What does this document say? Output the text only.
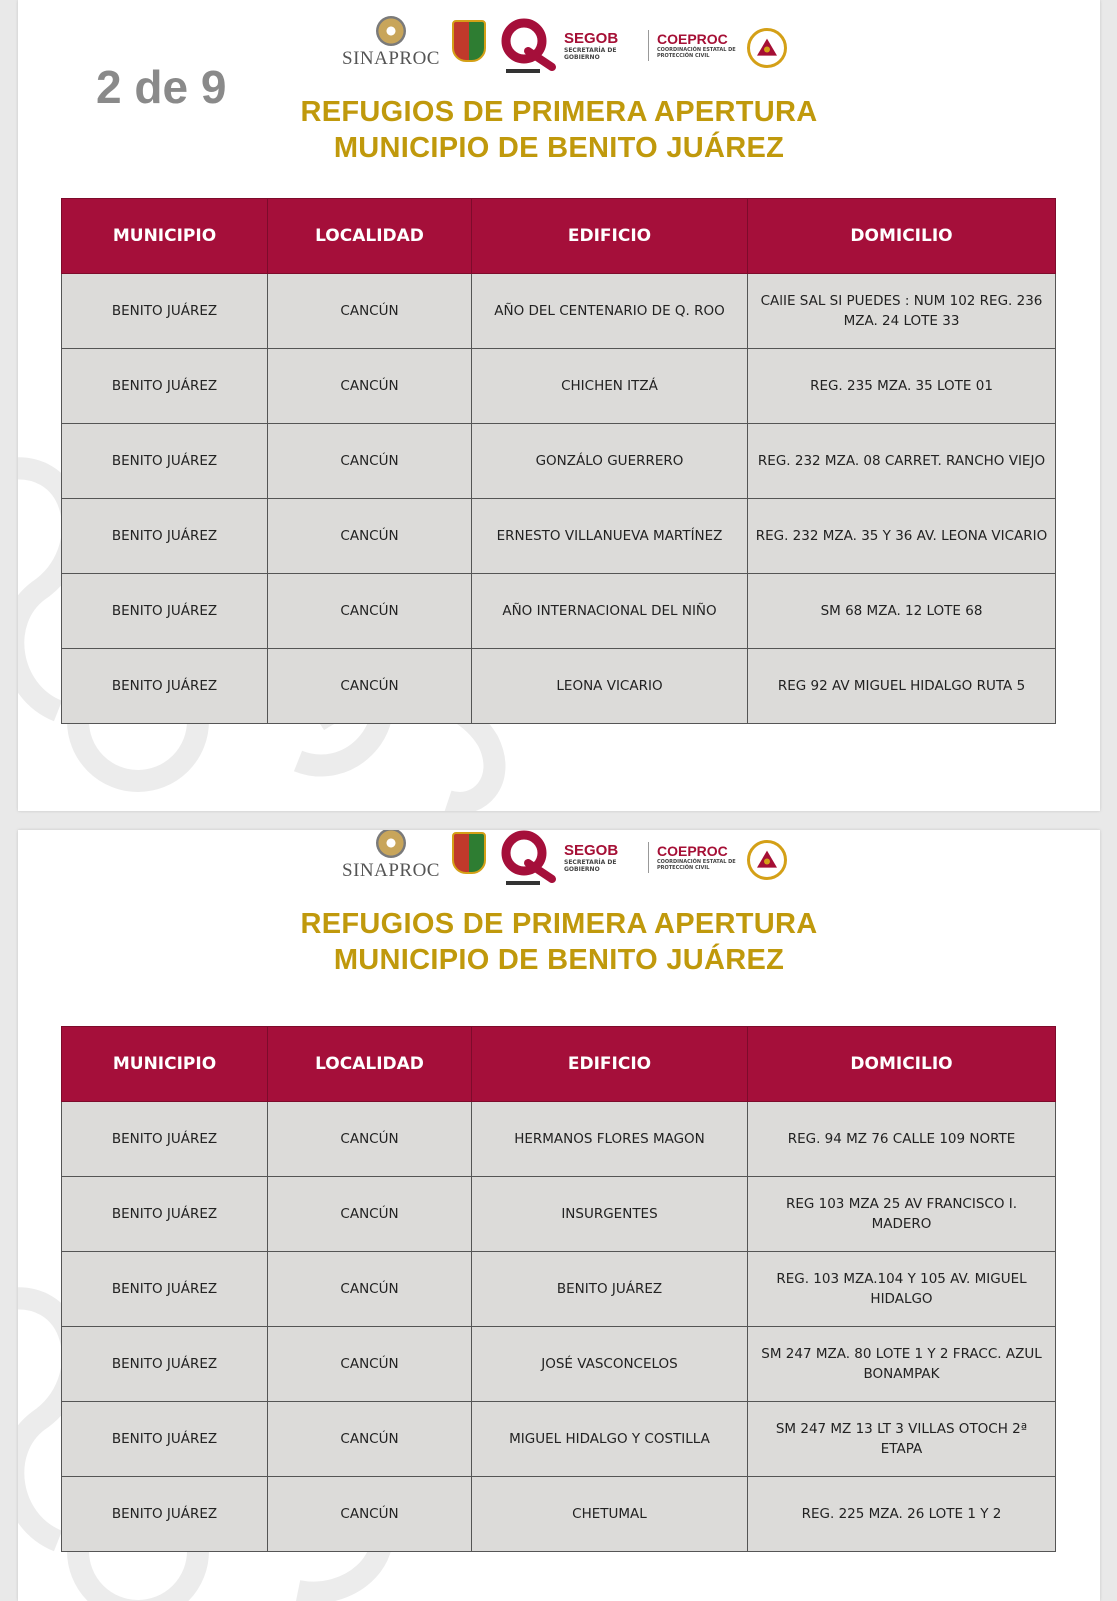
2 de 9
SINAPROC

SEGOB
SECRETARÍA DE GOBIERNO
COEPROC
COORDINACIÓN ESTATAL DE PROTECCIÓN CIVIL

REFUGIOS DE PRIMERA APERTURA
MUNICIPIO DE BENITO JUÁREZ
MUNICIPIO	LOCALIDAD	EDIFICIO	DOMICILIO
BENITO JUÁREZ	CANCÚN	AÑO DEL CENTENARIO DE Q. ROO	CAlIE SAL SI PUEDES : NUM 102 REG. 236 MZA. 24 LOTE 33
BENITO JUÁREZ	CANCÚN	CHICHEN ITZÁ	REG. 235 MZA. 35 LOTE 01
BENITO JUÁREZ	CANCÚN	GONZÁLO GUERRERO	REG. 232 MZA. 08 CARRET. RANCHO VIEJO
BENITO JUÁREZ	CANCÚN	ERNESTO VILLANUEVA MARTÍNEZ	REG. 232 MZA. 35 Y 36 AV. LEONA VICARIO
BENITO JUÁREZ	CANCÚN	AÑO INTERNACIONAL DEL NIÑO	SM 68 MZA. 12 LOTE 68
BENITO JUÁREZ	CANCÚN	LEONA VICARIO	REG 92 AV MIGUEL HIDALGO RUTA 5
SINAPROC

SEGOB
SECRETARÍA DE GOBIERNO
COEPROC
COORDINACIÓN ESTATAL DE PROTECCIÓN CIVIL

REFUGIOS DE PRIMERA APERTURA
MUNICIPIO DE BENITO JUÁREZ
MUNICIPIO	LOCALIDAD	EDIFICIO	DOMICILIO
BENITO JUÁREZ	CANCÚN	HERMANOS FLORES MAGON	REG. 94 MZ 76 CALLE 109 NORTE
BENITO JUÁREZ	CANCÚN	INSURGENTES	REG 103 MZA 25 AV FRANCISCO I. MADERO
BENITO JUÁREZ	CANCÚN	BENITO JUÁREZ	REG. 103 MZA.104 Y 105 AV. MIGUEL HIDALGO
BENITO JUÁREZ	CANCÚN	JOSÉ VASCONCELOS	SM 247 MZA. 80 LOTE 1 Y 2 FRACC. AZUL BONAMPAK
BENITO JUÁREZ	CANCÚN	MIGUEL HIDALGO Y COSTILLA	SM 247 MZ 13 LT 3 VILLAS OTOCH 2ª ETAPA
BENITO JUÁREZ	CANCÚN	CHETUMAL	REG. 225 MZA. 26 LOTE 1 Y 2
